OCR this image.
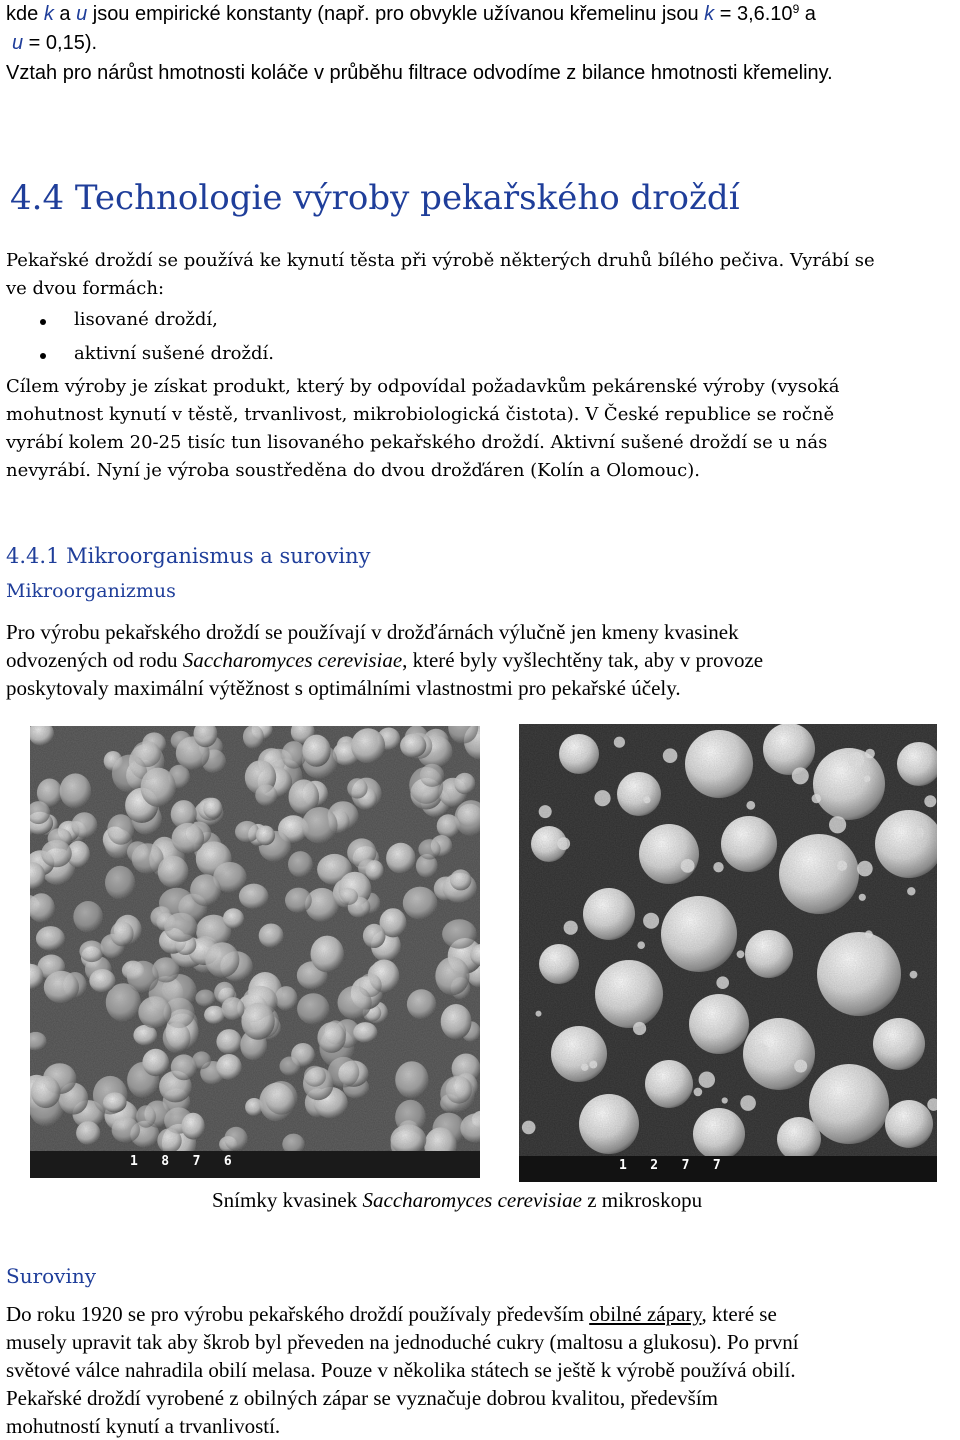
kde k a u jsou empirické konstanty (např. pro obvykle užívanou křemelinu jsou $k = 3,6.10^9$ a
u = 0,15).
Vztah pro nárůst hmotnosti koláče v průběhu filtrace odvodíme z bilance hmotnosti křemeliny.
4.4 Technologie výroby pekařského droždí
Pekařské droždí se používá ke kynutí těsta při výrobě některých druhů bílého pečiva. Vyrábí se
ve dvou formách:
lisované droždí,
aktivní sušené droždí.
Cílem výroby je získat produkt, který by odpovídal požadavkům pekárenské výroby (vysoká
mohutnost kynutí v těstě, trvanlivost, mikrobiologická čistota). V České republice se ročně
vyrábí kolem 20-25 tisíc tun lisovaného pekařského droždí. Aktivní sušené droždí se u nás
nevyrábí. Nyní je výroba soustředěna do dvou drožďáren (Kolín a Olomouc).
4.4.1 Mikroorganismus a suroviny
Mikroorganizmus
Pro výrobu pekařského droždí se používají v drožďárnách výlučně jen kmeny kvasinek
odvozených od rodu Saccharomyces cerevisiae, které byly vyšlechtěny tak, aby v provoze
poskytovaly maximální výtěžnost s optimálními vlastnostmi pro pekařské účely.
1   8   7   6	1   2   7   7
Snímky kvasinek Saccharomyces cerevisiae z mikroskopu
Suroviny
Do roku 1920 se pro výrobu pekařského droždí používaly především obilné zápary, které se
musely upravit tak aby škrob byl převeden na jednoduché cukry (maltosu a glukosu). Po první
světové válce nahradila obilí melasa. Pouze v několika státech se ještě k výrobě používá obilí.
Pekařské droždí vyrobené z obilných zápar se vyznačuje dobrou kvalitou, především
mohutností kynutí a trvanlivostí.
